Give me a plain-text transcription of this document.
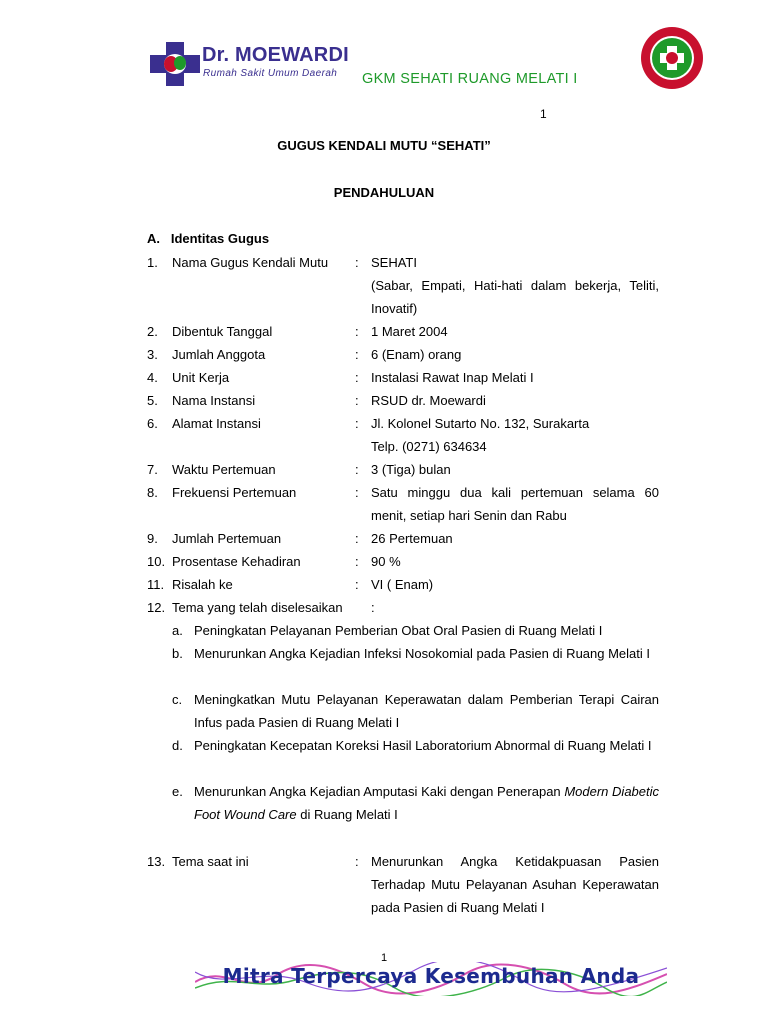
Dr. MOEWARDI
Rumah Sakit Umum Daerah GKM SEHATI RUANG MELATI I
1
GUGUS KENDALI MUTU “SEHATI”
PENDAHULUAN
A.   Identitas Gugus
1.	Nama Gugus Kendali Mutu	: SEHATI

(Sabar, Empati, Hati-hati dalam bekerja, Teliti, Inovatif)
2.	Dibentuk Tanggal	: 1 Maret 2004
3.	Jumlah Anggota	: 6 (Enam) orang
4.	Unit Kerja	: Instalasi Rawat Inap Melati I
5.	Nama Instansi	: RSUD dr. Moewardi
6.	Alamat Instansi	: Jl. Kolonel Sutarto No. 132, Surakarta
Telp. (0271) 634634
7.	Waktu Pertemuan	: 3 (Tiga) bulan
8.	Frekuensi Pertemuan	: Satu minggu dua kali pertemuan selama 60 menit, setiap hari Senin dan Rabu
9.	Jumlah Pertemuan	: 26 Pertemuan
10. Prosentase Kehadiran	: 90 %
11. Risalah ke	: VI ( Enam)
12. Tema yang telah diselesaikan	:
a. Peningkatan Pelayanan Pemberian Obat Oral Pasien di Ruang Melati I
b. Menurunkan Angka Kejadian Infeksi Nosokomial pada Pasien di Ruang Melati I
c. Meningkatkan Mutu Pelayanan Keperawatan dalam Pemberian Terapi Cairan Infus pada Pasien di Ruang Melati I
d. Peningkatan Kecepatan Koreksi Hasil Laboratorium Abnormal di Ruang Melati I
e. Menurunkan Angka Kejadian Amputasi Kaki dengan Penerapan Modern Diabetic Foot Wound Care di Ruang Melati I
13. Tema saat ini	: Menurunkan Angka Ketidakpuasan Pasien Terhadap Mutu Pelayanan Asuhan Keperawatan pada Pasien di Ruang Melati I
1
Mitra Terpercaya Kesembuhan Anda
